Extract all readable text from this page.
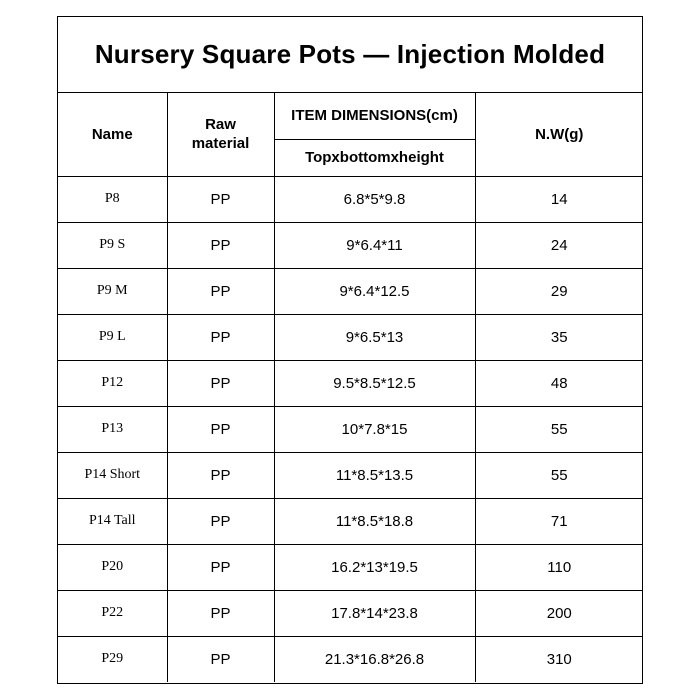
Nursery Square Pots — Injection Molded
Name	Raw material	ITEM DIMENSIONS(cm)	N.W(g)
		Topxbottomxheight	
P8	PP	6.8*5*9.8	14
P9 S	PP	9*6.4*11	24
P9 M	PP	9*6.4*12.5	29
P9 L	PP	9*6.5*13	35
P12	PP	9.5*8.5*12.5	48
P13	PP	10*7.8*15	55
P14 Short	PP	11*8.5*13.5	55
P14 Tall	PP	11*8.5*18.8	71
P20	PP	16.2*13*19.5	110
P22	PP	17.8*14*23.8	200
P29	PP	21.3*16.8*26.8	310
